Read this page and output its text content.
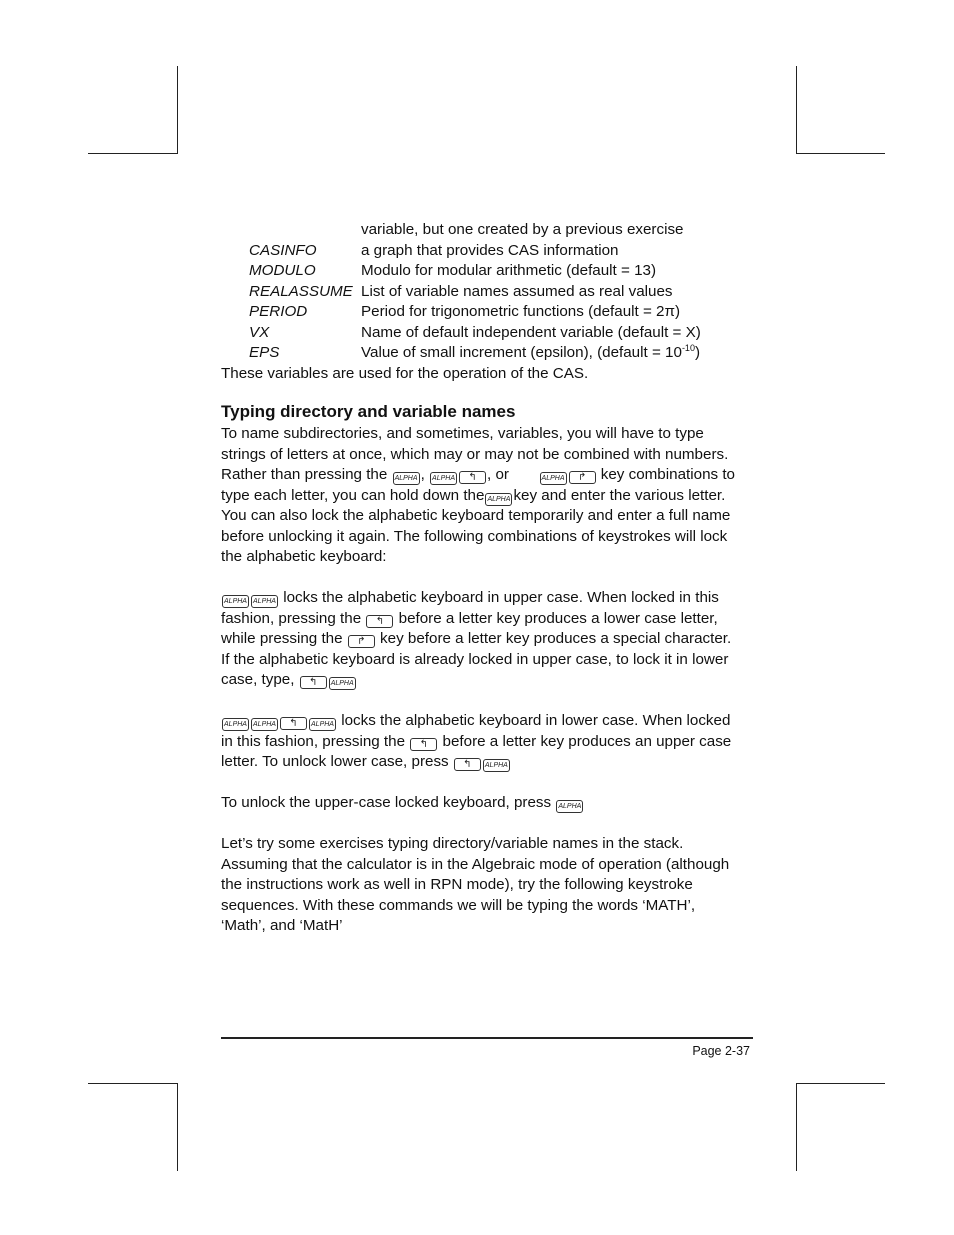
variable, but one created by a previous exercise
CASINFO	a graph that provides CAS information
MODULO	Modulo for modular arithmetic (default = 13)
REALASSUME List of variable names assumed as real values
PERIOD	Period for trigonometric functions (default = 2π)
VX	Name of default independent variable (default = X)
EPS	Value of small increment (epsilon), (default = $10^{-10}$)
These variables are used for the operation of the CAS.
Typing directory and variable names
To name subdirectories, and sometimes, variables, you will have to type
strings of letters at once, which may or may not be combined with numbers.
Rather than pressing the ALPHA , ALPHA ↰ , or	ALPHA ↱ key combinations to
type each letter, you can hold down the ALPHA key and enter the various letter.
You can also lock the alphabetic keyboard temporarily and enter a full name
before unlocking it again. The following combinations of keystrokes will lock
the alphabetic keyboard:
ALPHA ALPHA locks the alphabetic keyboard in upper case. When locked in this
fashion, pressing the ↰ before a letter key produces a lower case letter,
while pressing the ↱ key before a letter key produces a special character.
If the alphabetic keyboard is already locked in upper case, to lock it in lower
case, type, ↰ ALPHA
ALPHA ALPHA ↰ ALPHA locks the alphabetic keyboard in lower case. When locked
in this fashion, pressing the ↰ before a letter key produces an upper case
letter. To unlock lower case, press ↰ ALPHA
To unlock the upper-case locked keyboard, press ALPHA
Let’s try some exercises typing directory/variable names in the stack.
Assuming that the calculator is in the Algebraic mode of operation (although
the instructions work as well in RPN mode), try the following keystroke
sequences. With these commands we will be typing the words ‘MATH’,
‘Math’, and ‘MatH’
Page 2-37
